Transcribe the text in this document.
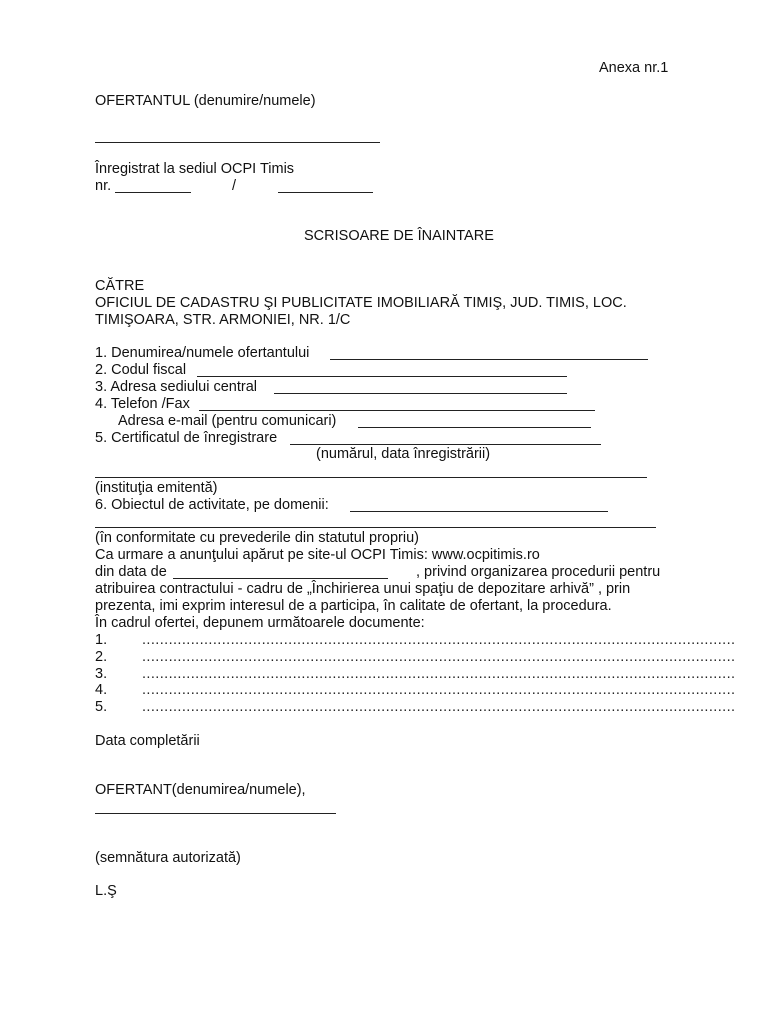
Anexa nr.1
OFERTANTUL (denumire/numele)
Înregistrat la sediul OCPI Timis
nr.	/
SCRISOARE DE ÎNAINTARE
CĂTRE
OFICIUL DE CADASTRU ŞI PUBLICITATE IMOBILIARĂ TIMIŞ, JUD. TIMIS, LOC.
TIMIŞOARA, STR. ARMONIEI, NR. 1/C
1. Denumirea/numele ofertantului
2. Codul fiscal
3. Adresa sediului central
4. Telefon /Fax
Adresa e-mail (pentru comunicari)
5. Certificatul de înregistrare
(numărul, data înregistrării)
(instituţia emitentă)
6. Obiectul de activitate, pe domenii:
(în conformitate cu prevederile din statutul propriu)
Ca urmare a anunţului apărut pe site-ul OCPI Timis: www.ocpitimis.ro
din data de	, privind organizarea procedurii pentru
atribuirea contractului - cadru de „Închirierea unui spaţiu de depozitare arhivă” , prin
prezenta, imi exprim interesul de a participa, în calitate de ofertant, la procedura.
În cadrul ofertei, depunem următoarele documente:
1. ......................................................................................................................................
2. ......................................................................................................................................
3. ......................................................................................................................................
4. ......................................................................................................................................
5. ......................................................................................................................................
Data completării
OFERTANT(denumirea/numele),
(semnătura autorizată)
L.Ş
